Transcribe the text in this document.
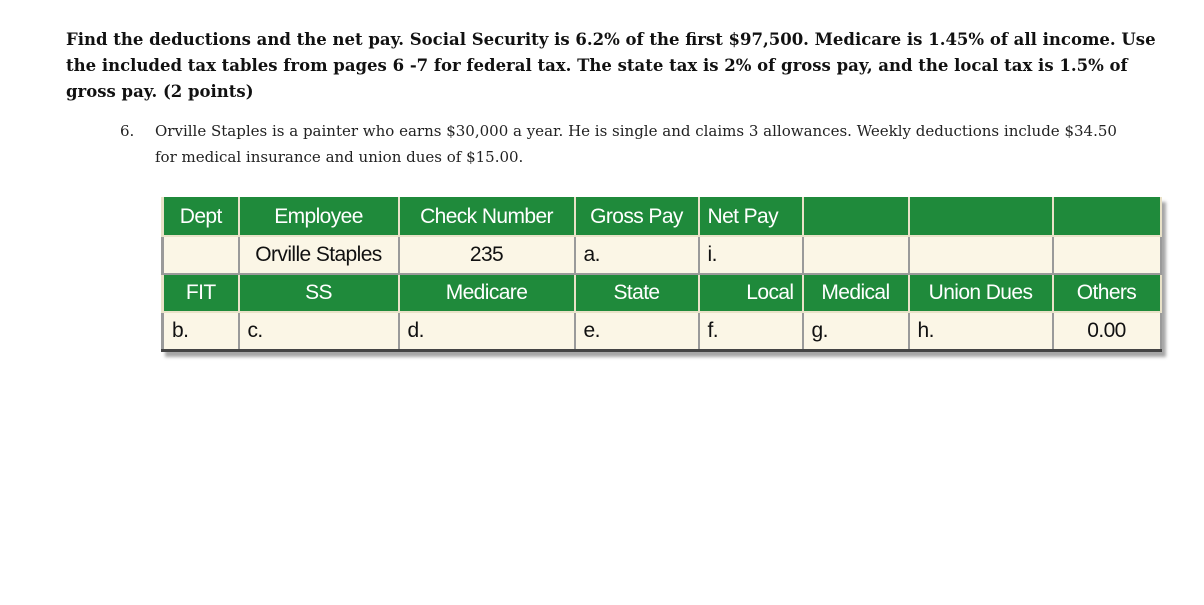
Find the deductions and the net pay. Social Security is 6.2% of the first $97,500. Medicare is 1.45% of all income. Use the included tax tables from pages 6 -7 for federal tax. The state tax is 2% of gross pay, and the local tax is 1.5% of gross pay. (2 points)
6. Orville Staples is a painter who earns $30,000 a year. He is single and claims 3 allowances. Weekly deductions include $34.50 for medical insurance and union dues of $15.00.
Dept	Employee	Check Number	Gross Pay	Net Pay			
	Orville Staples	235	a.	i.			
FIT	SS	Medicare	State	Local	Medical	Union Dues	Others
b.	c.	d.	e.	f.	g.	h.	0.00
